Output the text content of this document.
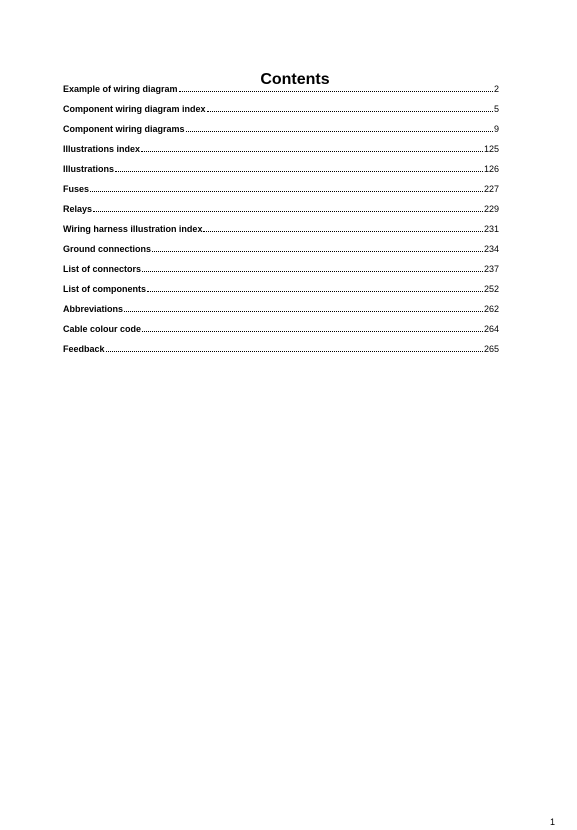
Contents
Example of wiring diagram	2
Component wiring diagram index	5
Component wiring diagrams	9
Illustrations index	125
Illustrations	126
Fuses	227
Relays	229
Wiring harness illustration index	231
Ground connections	234
List of connectors	237
List of components	252
Abbreviations	262
Cable colour code	264
Feedback	265
1
